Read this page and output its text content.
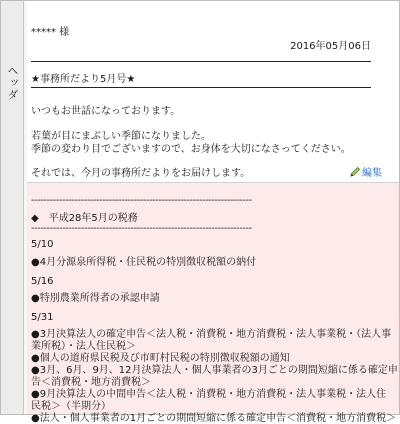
ヘッダ
***** 様
2016年05月06日
★事務所だより5月号★
いつもお世話になっております。
若葉が目にまぶしい季節になりました。
季節の変わり目でございますので、お身体を大切になさってください。
それでは、今月の事務所だよりをお届けします。	編集
-----------------------------------------------------------------------
◆　平成28年5月の税務
-----------------------------------------------------------------------
5/10
●4月分源泉所得税・住民税の特別徴収税額の納付
5/16
●特別農業所得者の承認申請
5/31
●3月決算法人の確定申告＜法人税・消費税・地方消費税・法人事業税・（法人事
業所税）・法人住民税＞
●個人の道府県民税及び市町村民税の特別徴収税額の通知
●3月、6月、9月、12月決算法人・個人事業者の3月ごとの期間短縮に係る確定申
告＜消費税・地方消費税＞
●9月決算法人の中間申告＜法人税・消費税・地方消費税・法人事業税・法人住
民税＞（半期分）
●法人・個人事業者の1月ごとの期間短縮に係る確定申告＜消費税・地方消費税＞
